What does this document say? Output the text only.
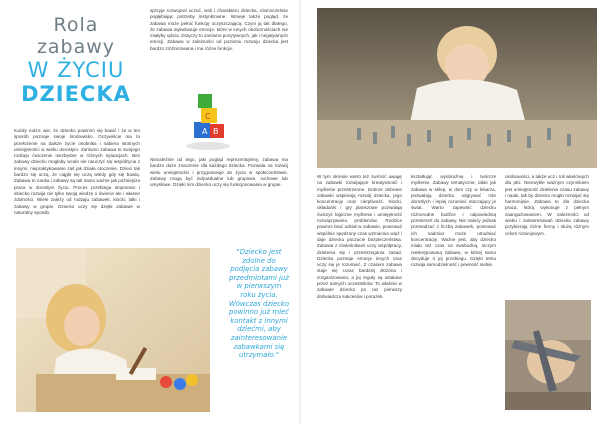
Rola
zabawy
W ŻYCIU
DZIECKA
Każdy rodzic wie, że dziecko powinno się bawić i że w ten sposób poznaje swoje środowisko. Oczywiście ma to przełożenie na dalsze życie osobnika i nabiera istotnych umiejętności w wieku dorosłym. Zarówno zabawa to swojego rodzaju ćwiczenie niezbędne w różnych sytuacjach. Bez zabawy dziecko mogłoby wcale nie nauczyć się współżycia z innymi, niepraktykowanie zaś jak działa otoczenie. Dzieci tak bardzo się uczą, że ciągle się uczą wtedy gdy się bawią. Zabawa to nauka i zabawy są tak samo ważne jak późniejsza praca w dorosłym życiu. Proces przebiega stopniowo i dziecko rozwija nie tylko swoją wiedzę o świecie ale i własne zdolności. Wiele zależy od rodzaju zabawek: klocki, lalki i zabawy w grupie. Dziecko uczy się dzięki zabawie w naturalny sposób.
sprzyja rozwojowi uczuć, woli i charakteru dziecka, równocześnie pogłębiając potrzeby instynktowne. Istnieje także pogląd, że zabawa może pełnić funkcję oczyszczającą. Czyni ją tak dlatego, że zabawa wyładowuje emocje, które w innych okolicznościach nie miałyby ujścia. Dotyczy to zarówno pozytywnych, jak i negatywnych emocji. Zabawa w zależności od poziomu rozwoju dziecka jest bardzo zróżnicowana i ma różne funkcje.
A B
C
Niezależnie od tego, jaki pogląd reprezentujemy, zabawa ma bardzo duże znaczenie dla każdego dziecka. Pozwala na rozwój wielu umiejętności i przygotowuje do życia w społeczeństwie. Zabawy mogą być indywidualne lub grupowe, ruchowe lub umysłowe. Dzięki nim dziecko uczy się funkcjonowania w grupie.
"Dziecko jest zdolne do podjęcia zabawy przedmiotami już w pierwszym roku życia. Wówczas dziecko powinno już mieć kontakt z innymi dziećmi, aby zainteresowanie zabawkami się utrzymało."
W tym okresie warto też zwrócić uwagę na zabawki rozwijające kreatywność i myślenie przestrzenne. Dobrze dobrane zabawki wspierają rozwój dziecka, jego koncentrację oraz cierpliwość. Klocki, układanki i gry planszowe pozwalają ćwiczyć logiczne myślenie i umiejętność rozwiązywania problemów. Rodzice powinni brać udział w zabawie, ponieważ wspólnie spędzony czas wzmacnia więź i daje dziecku poczucie bezpieczeństwa. Zabawa z rówieśnikami uczy współpracy, dzielenia się i przestrzegania zasad. Dziecko poznaje emocje innych oraz uczy się je rozumieć. Z czasem zabawa staje się coraz bardziej złożona i zorganizowana, a jej reguły są ustalane przez samych uczestników. To właśnie w zabawie dziecko po raz pierwszy doświadcza sukcesów i porażek.
kształtując wyobraźnię i twórcze myślenie. Zabawy tematyczne, takie jak zabawa w sklep, w dom czy w lekarza, pozwalają dziecku odgrywać role dorosłych i lepiej rozumieć otaczający je świat. Warto zapewnić dziecku różnorodne bodźce i odpowiednią przestrzeń do zabawy. Nie należy jednak przesadzać z liczbą zabawek, ponieważ ich nadmiar może utrudniać koncentrację. Ważne jest, aby dziecko miało też czas na swobodną, niczym nieskrępowaną zabawę, w której samo decyduje o jej przebiegu. Dzięki temu rozwija samodzielność i pewność siebie.
osobowości, a także ucz i roli właściwych dla płci. Niezwykle ważnym czynnikiem jest umiejętność dzielenia czasu zabawy i nauki, tak by dziecko mogło rozwijać się harmonijnie. Zabawa to dla dziecka praca, którą wykonuje z pełnym zaangażowaniem. W zależności od wieku i zainteresowań dziecka zabawy przybierają różne formy i służą różnym celom rozwojowym.
